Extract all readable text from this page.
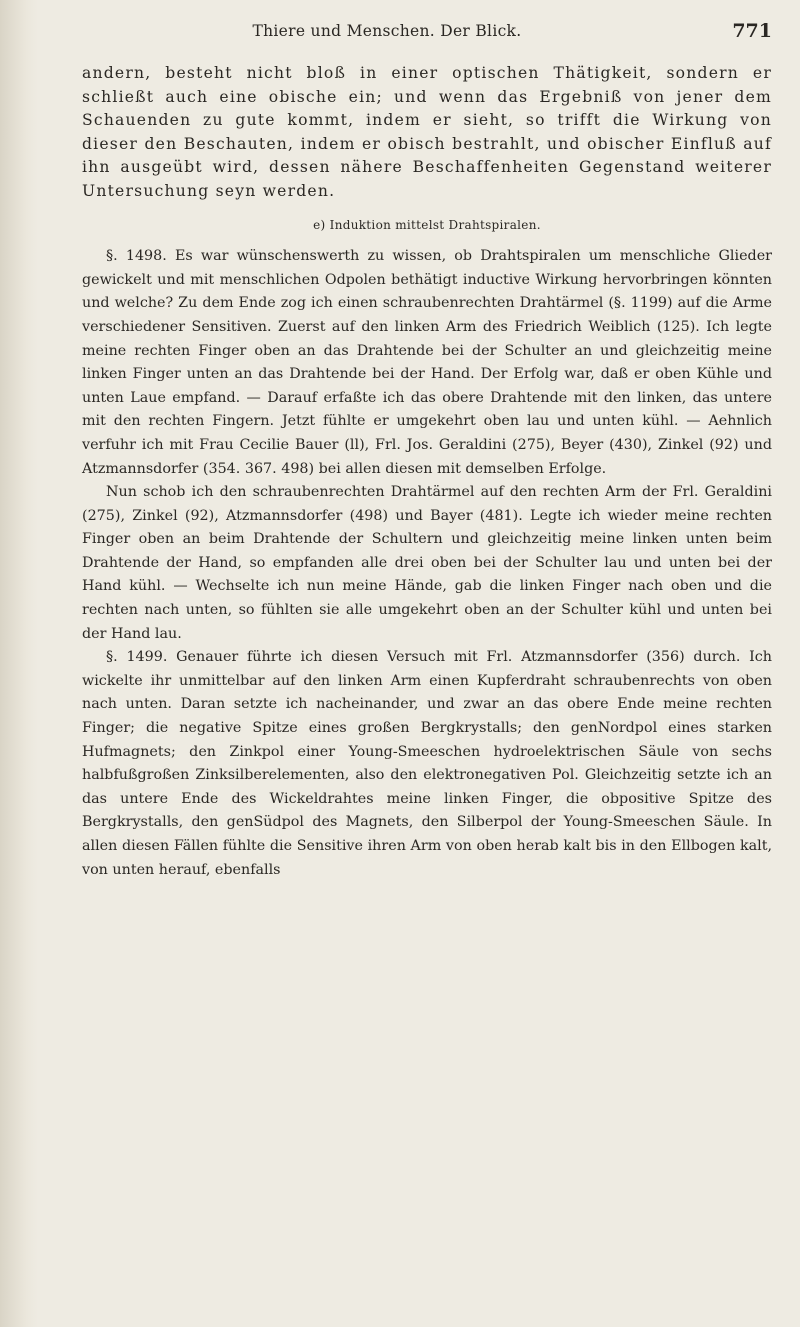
Thiere und Menschen. Der Blick.	771

andern, besteht nicht bloß in einer optischen Thätigkeit, sondern er schließt auch eine obische ein; und wenn das Ergebniß von jener dem Schauenden zu gute kommt, indem er sieht, so trifft die Wirkung von dieser den Beschauten, indem er obisch bestrahlt, und obischer Einfluß auf ihn ausgeübt wird, dessen nähere Beschaffenheiten Gegenstand weiterer Untersuchung seyn werden.

e) Induktion mittelst Drahtspiralen.

§. 1498. Es war wünschenswerth zu wissen, ob Drahtspiralen um menschliche Glieder gewickelt und mit menschlichen Odpolen bethätigt inductive Wirkung hervorbringen könnten und welche? Zu dem Ende zog ich einen schraubenrechten Drahtärmel (§. 1199) auf die Arme verschiedener Sensitiven. Zuerst auf den linken Arm des Friedrich Weiblich (125). Ich legte meine rechten Finger oben an das Drahtende bei der Schulter an und gleichzeitig meine linken Finger unten an das Drahtende bei der Hand. Der Erfolg war, daß er oben Kühle und unten Laue empfand. — Darauf erfaßte ich das obere Drahtende mit den linken, das untere mit den rechten Fingern. Jetzt fühlte er umgekehrt oben lau und unten kühl. — Aehnlich verfuhr ich mit Frau Cecilie Bauer (ll), Frl. Jos. Geraldini (275), Beyer (430), Zinkel (92) und Atzmannsdorfer (354. 367. 498) bei allen diesen mit demselben Erfolge.

Nun schob ich den schraubenrechten Drahtärmel auf den rechten Arm der Frl. Geraldini (275), Zinkel (92), Atzmannsdorfer (498) und Bayer (481). Legte ich wieder meine rechten Finger oben an beim Drahtende der Schultern und gleichzeitig meine linken unten beim Drahtende der Hand, so empfanden alle drei oben bei der Schulter lau und unten bei der Hand kühl. — Wechselte ich nun meine Hände, gab die linken Finger nach oben und die rechten nach unten, so fühlten sie alle umgekehrt oben an der Schulter kühl und unten bei der Hand lau.

§. 1499. Genauer führte ich diesen Versuch mit Frl. Atzmannsdorfer (356) durch. Ich wickelte ihr unmittelbar auf den linken Arm einen Kupferdraht schraubenrechts von oben nach unten. Daran setzte ich nacheinander, und zwar an das obere Ende meine rechten Finger; die negative Spitze eines großen Bergkrystalls; den genNordpol eines starken Hufmagnets; den Zinkpol einer Young-Smeeschen hydroelektrischen Säule von sechs halbfußgroßen Zinksilberelementen, also den elektronegativen Pol. Gleichzeitig setzte ich an das untere Ende des Wickeldrahtes meine linken Finger, die obpositive Spitze des Bergkrystalls, den genSüdpol des Magnets, den Silberpol der Young-Smeeschen Säule. In allen diesen Fällen fühlte die Sensitive ihren Arm von oben herab kalt bis in den Ellbogen kalt, von unten herauf, ebenfalls
